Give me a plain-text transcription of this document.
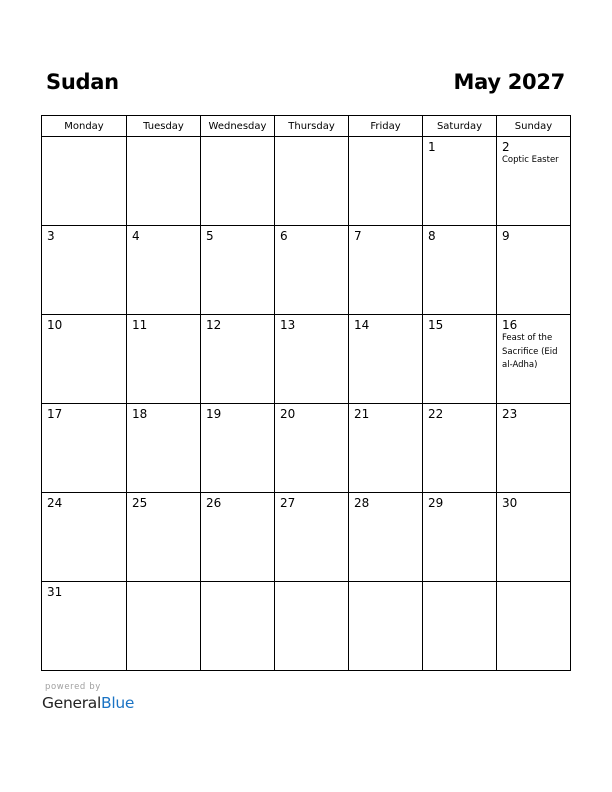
Sudan	May 2027
Monday	Tuesday	Wednesday	Thursday	Friday	Saturday	Sunday

					1	2
Coptic Easter

3	4	5	6	7	8	9

10	11	12	13	14	15	16
Feast of the Sacrifice (Eid al-Adha)

17	18	19	20	21	22	23

24	25	26	27	28	29	30

31						

powered by
GeneralBlue
